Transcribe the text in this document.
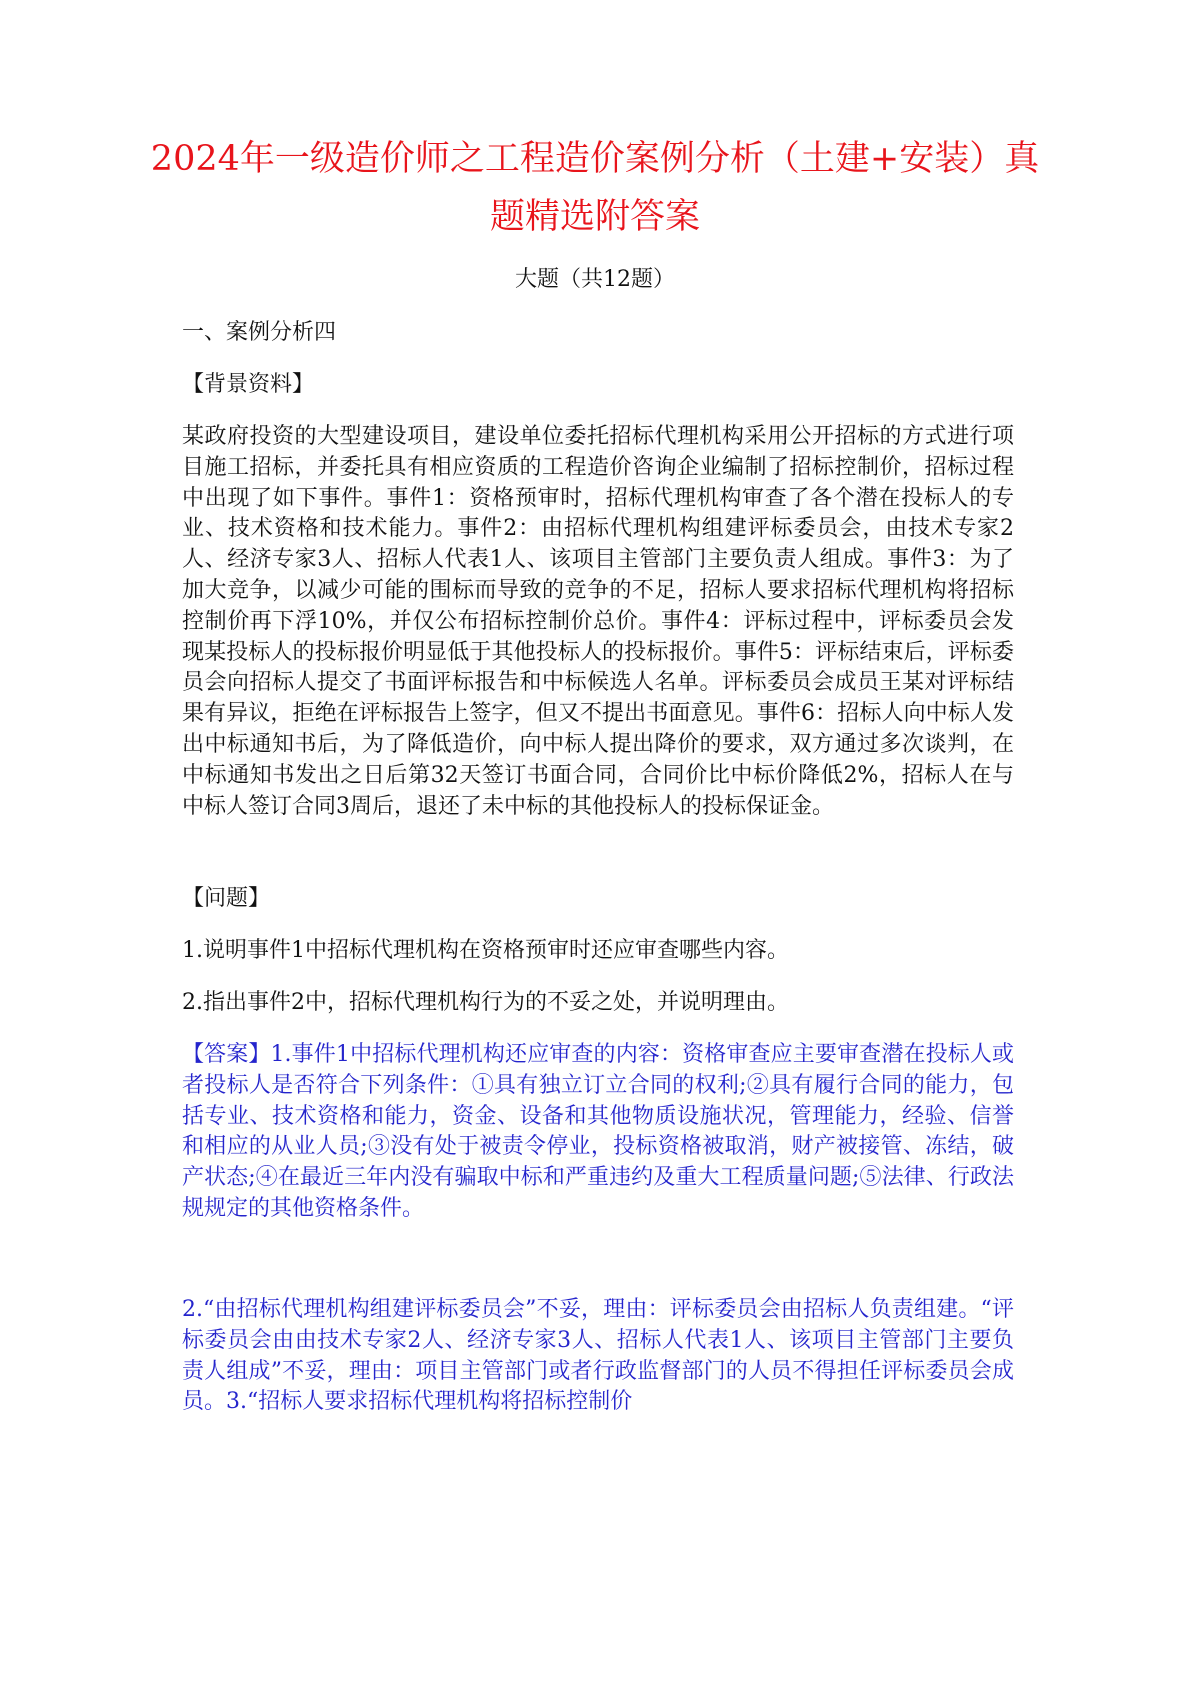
2024年一级造价师之工程造价案例分析（土建+安装）真题精选附答案

大题（共12题）

一、案例分析四

【背景资料】

某政府投资的大型建设项目，建设单位委托招标代理机构采用公开招标的方式进行项目施工招标，并委托具有相应资质的工程造价咨询企业编制了招标控制价，招标过程中出现了如下事件。事件1：资格预审时，招标代理机构审查了各个潜在投标人的专业、技术资格和技术能力。事件2：由招标代理机构组建评标委员会，由技术专家2人、经济专家3人、招标人代表1人、该项目主管部门主要负责人组成。事件3：为了加大竞争，以减少可能的围标而导致的竞争的不足，招标人要求招标代理机构将招标控制价再下浮10%，并仅公布招标控制价总价。事件4：评标过程中，评标委员会发现某投标人的投标报价明显低于其他投标人的投标报价。事件5：评标结束后，评标委员会向招标人提交了书面评标报告和中标候选人名单。评标委员会成员王某对评标结果有异议，拒绝在评标报告上签字，但又不提出书面意见。事件6：招标人向中标人发出中标通知书后，为了降低造价，向中标人提出降价的要求，双方通过多次谈判，在中标通知书发出之日后第32天签订书面合同，合同价比中标价降低2%，招标人在与中标人签订合同3周后，退还了未中标的其他投标人的投标保证金。

【问题】

1.说明事件1中招标代理机构在资格预审时还应审查哪些内容。

2.指出事件2中，招标代理机构行为的不妥之处，并说明理由。

【答案】1.事件1中招标代理机构还应审查的内容：资格审查应主要审查潜在投标人或者投标人是否符合下列条件：①具有独立订立合同的权利;②具有履行合同的能力，包括专业、技术资格和能力，资金、设备和其他物质设施状况，管理能力，经验、信誉和相应的从业人员;③没有处于被责令停业，投标资格被取消，财产被接管、冻结，破产状态;④在最近三年内没有骗取中标和严重违约及重大工程质量问题;⑤法律、行政法规规定的其他资格条件。

2.“由招标代理机构组建评标委员会”不妥，理由：评标委员会由招标人负责组建。“评标委员会由由技术专家2人、经济专家3人、招标人代表1人、该项目主管部门主要负责人组成”不妥，理由：项目主管部门或者行政监督部门的人员不得担任评标委员会成员。3.“招标人要求招标代理机构将招标控制价
